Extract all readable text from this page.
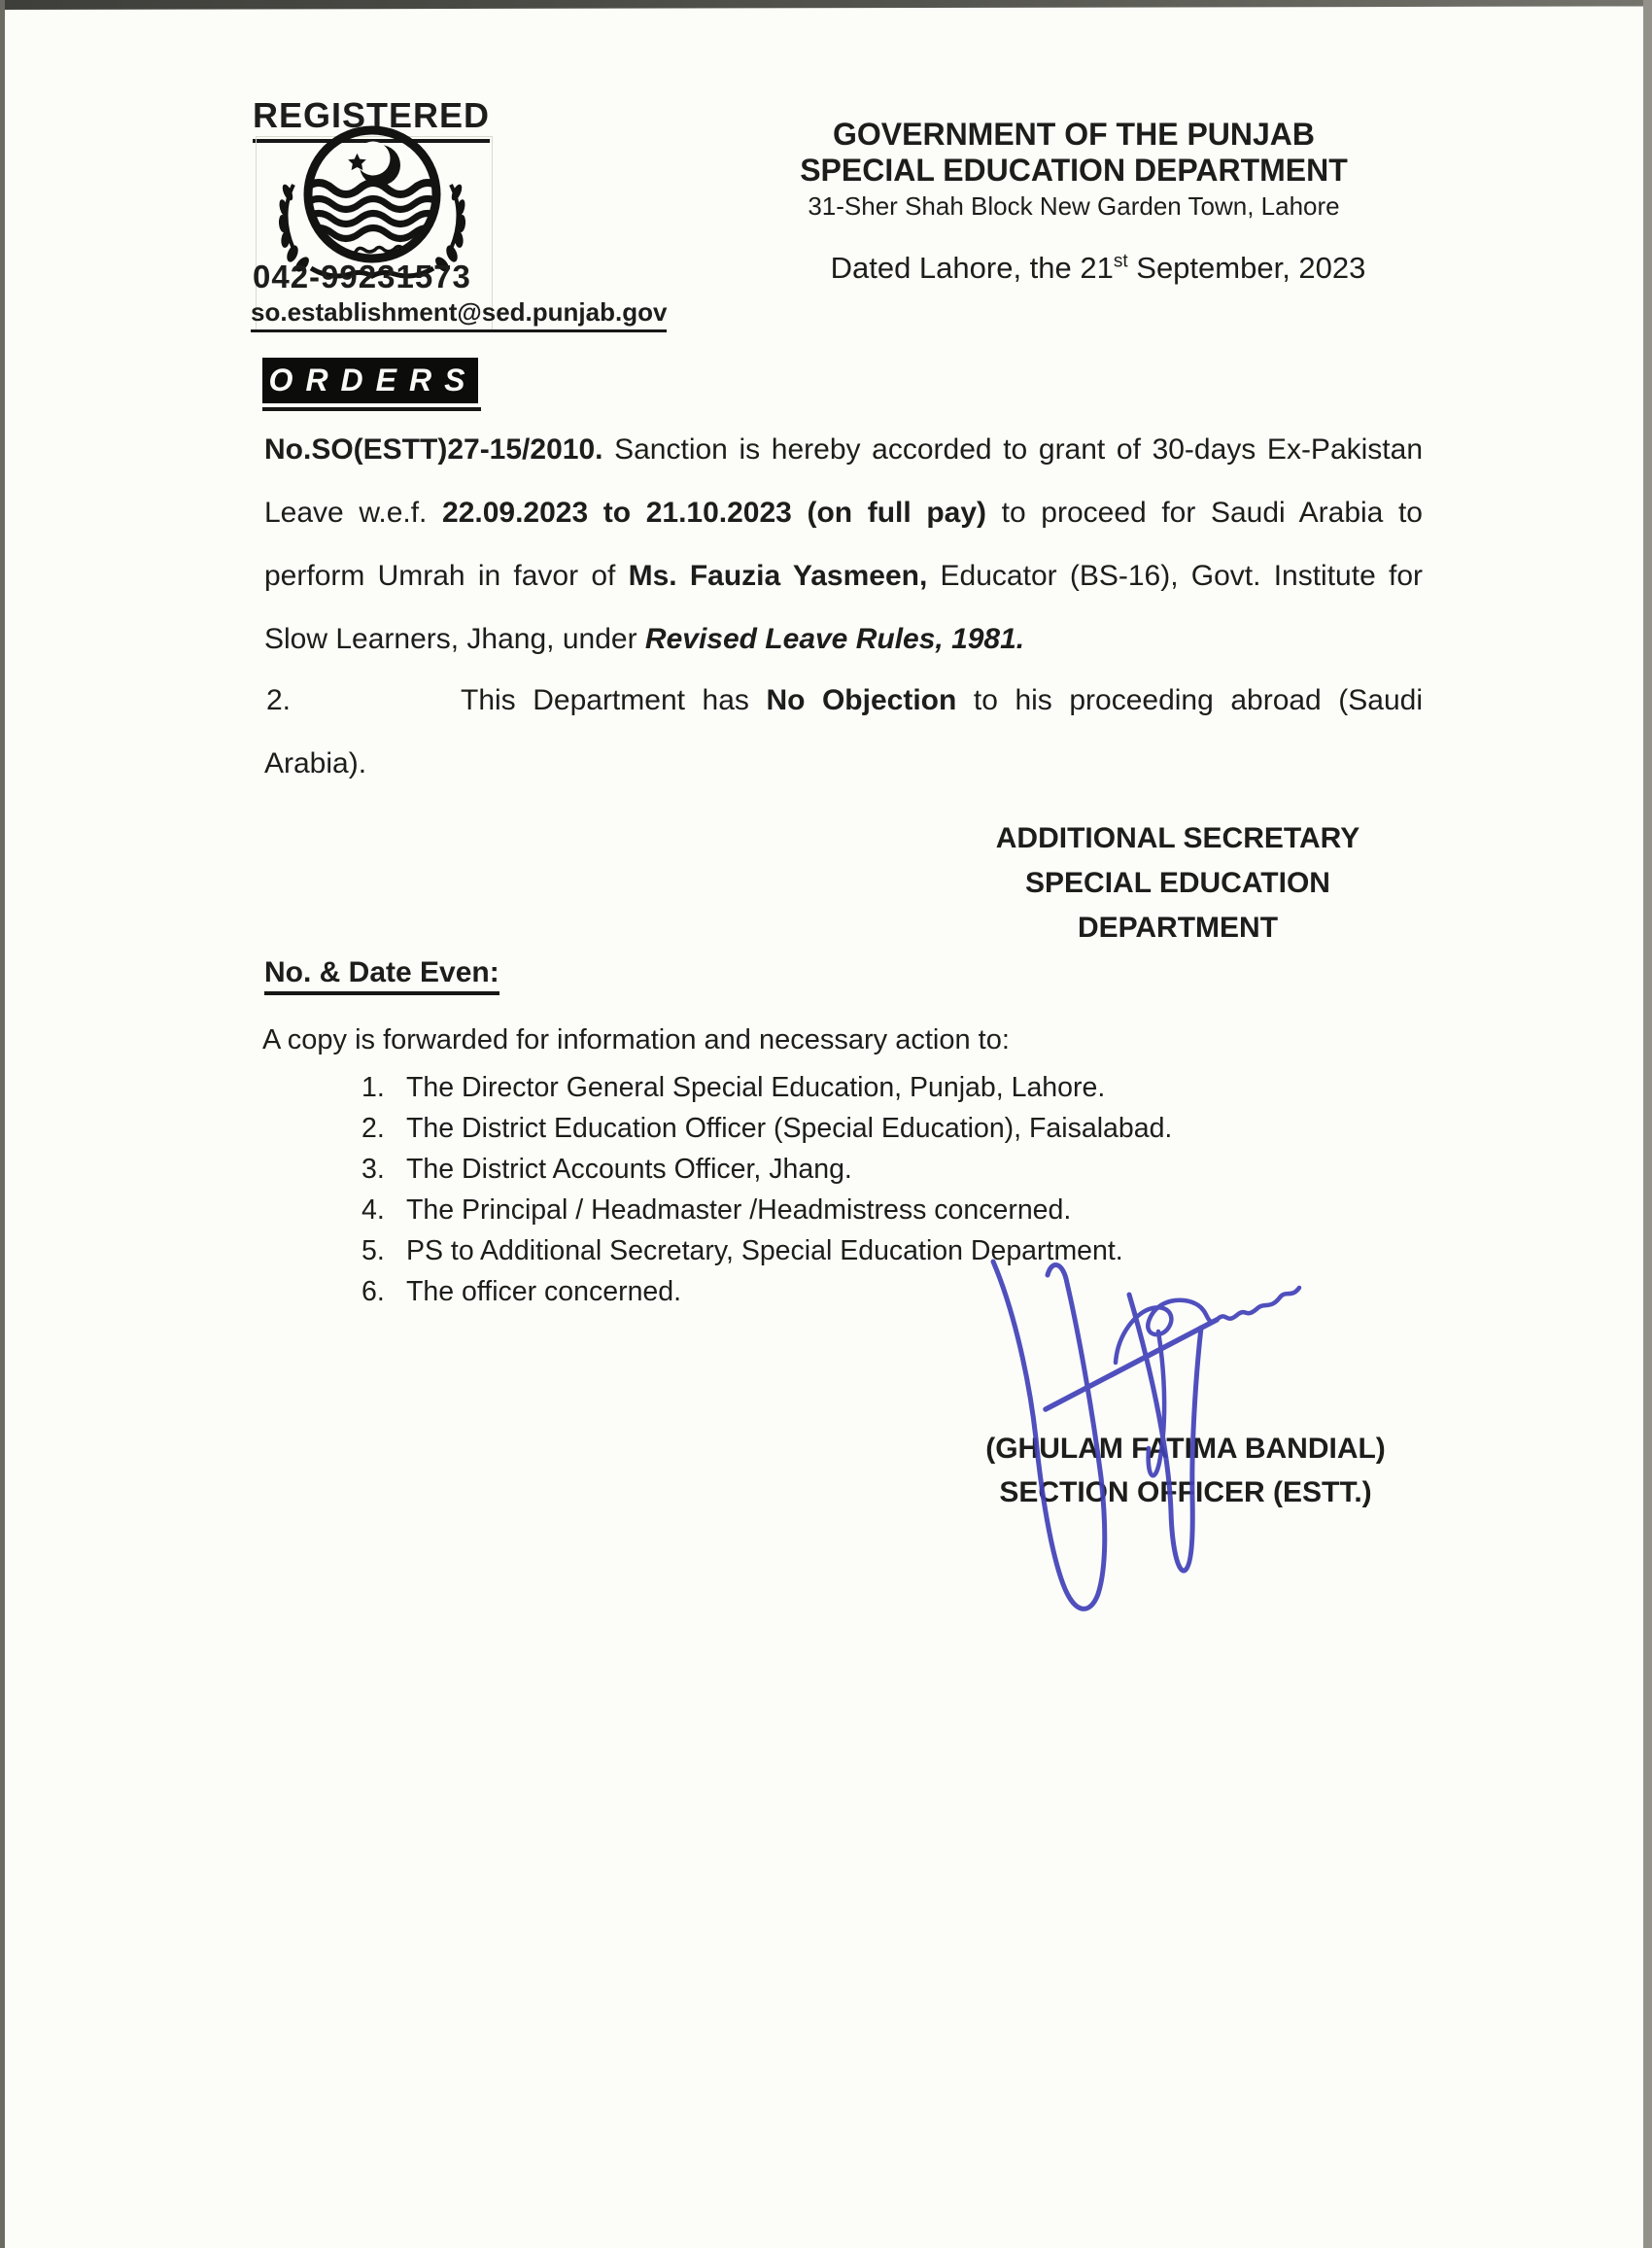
REGISTERED
042-99231573
so.establishment@sed.punjab.gov
GOVERNMENT OF THE PUNJAB
SPECIAL EDUCATION DEPARTMENT
31-Sher Shah Block New Garden Town, Lahore
Dated Lahore, the 21st September, 2023
ORDERS
No.SO(ESTT)27-15/2010. Sanction is hereby accorded to grant of 30-days Ex-Pakistan Leave w.e.f. 22.09.2023 to 21.10.2023 (on full pay) to proceed for Saudi Arabia to perform Umrah in favor of Ms. Fauzia Yasmeen, Educator (BS-16), Govt. Institute for Slow Learners, Jhang, under Revised Leave Rules, 1981.
2.	This Department has No Objection to his proceeding abroad (Saudi Arabia).
ADDITIONAL SECRETARY
SPECIAL EDUCATION
DEPARTMENT
No. & Date Even:
A copy is forwarded for information and necessary action to:
1. The Director General Special Education, Punjab, Lahore.
2. The District Education Officer (Special Education), Faisalabad.
3. The District Accounts Officer, Jhang.
4. The Principal / Headmaster /Headmistress concerned.
5. PS to Additional Secretary, Special Education Department.
6. The officer concerned.
(GHULAM FATIMA BANDIAL)
SECTION OFFICER (ESTT.)
